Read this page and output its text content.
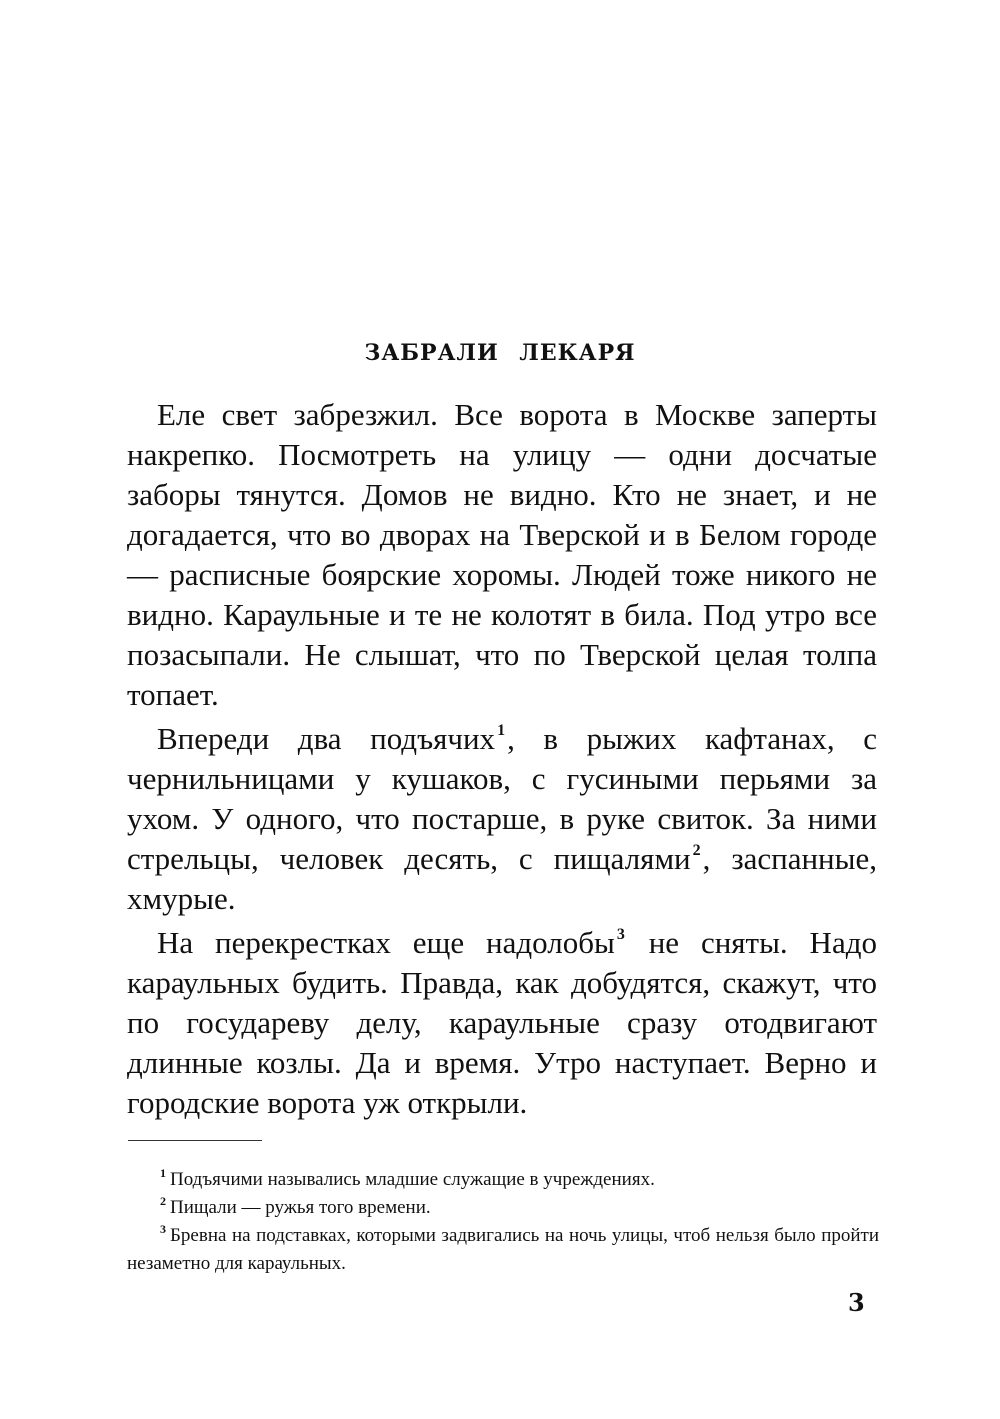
ЗАБРАЛИ ЛЕКАРЯ

Еле свет забрезжил. Все ворота в Москве заперты накрепко. Посмотреть на улицу — одни досчатые заборы тянутся. Домов не видно. Кто не знает, и не догадается, что во дворах на Тверской и в Белом городе — расписные боярские хоромы. Людей тоже никого не видно. Караульные и те не колотят в била. Под утро все позасыпали. Не слышат, что по Тверской целая толпа топает.

Впереди два подъячих $^1$, в рыжих кафтанах, с чернильницами у кушаков, с гусиными перьями за ухом. У одного, что постарше, в руке свиток. За ними стрельцы, человек десять, с пищалями $^2$, заспанные, хмурые.

На перекрестках еще надолобы $^3$ не сняты. Надо караульных будить. Правда, как добудятся, скажут, что по государеву делу, караульные сразу отодвигают длинные козлы. Да и время. Утро наступает. Верно и городские ворота уж открыли.

$^1$ Подъячими назывались младшие служащие в учреждениях.

$^2$ Пищали — ружья того времени.

$^3$ Бревна на подставках, которыми задвигались на ночь улицы, чтоб нельзя было пройти незаметно для караульных.

3
